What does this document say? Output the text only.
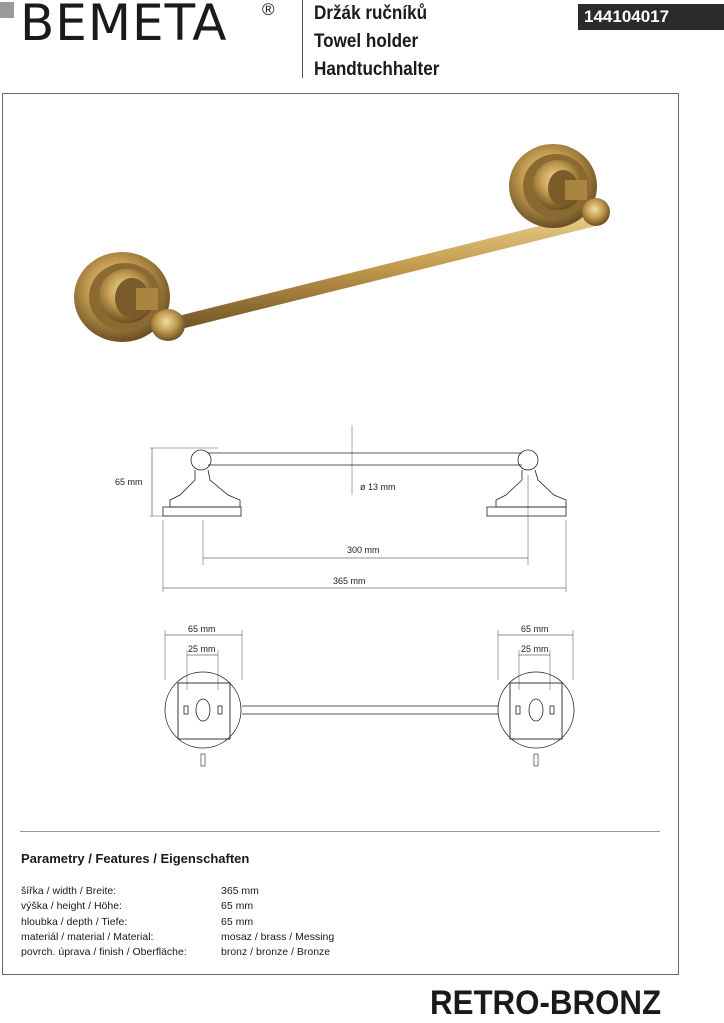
BEMETA ® Držák ručníků
Towel holder
Handtuchhalter
144104017
65 mm	ø 13 mm
300 mm
365 mm
65 mm
25 mm
65 mm
25 mm
Parametry / Features / Eigenschaften
šířka / width / Breite:	365 mm
výška / height / Höhe:	65 mm
hloubka / depth / Tiefe:	65 mm
materiál / material / Material:	mosaz / brass / Messing
povrch. úprava / finish / Oberfläche:	bronz / bronze / Bronze
RETRO-BRONZ
